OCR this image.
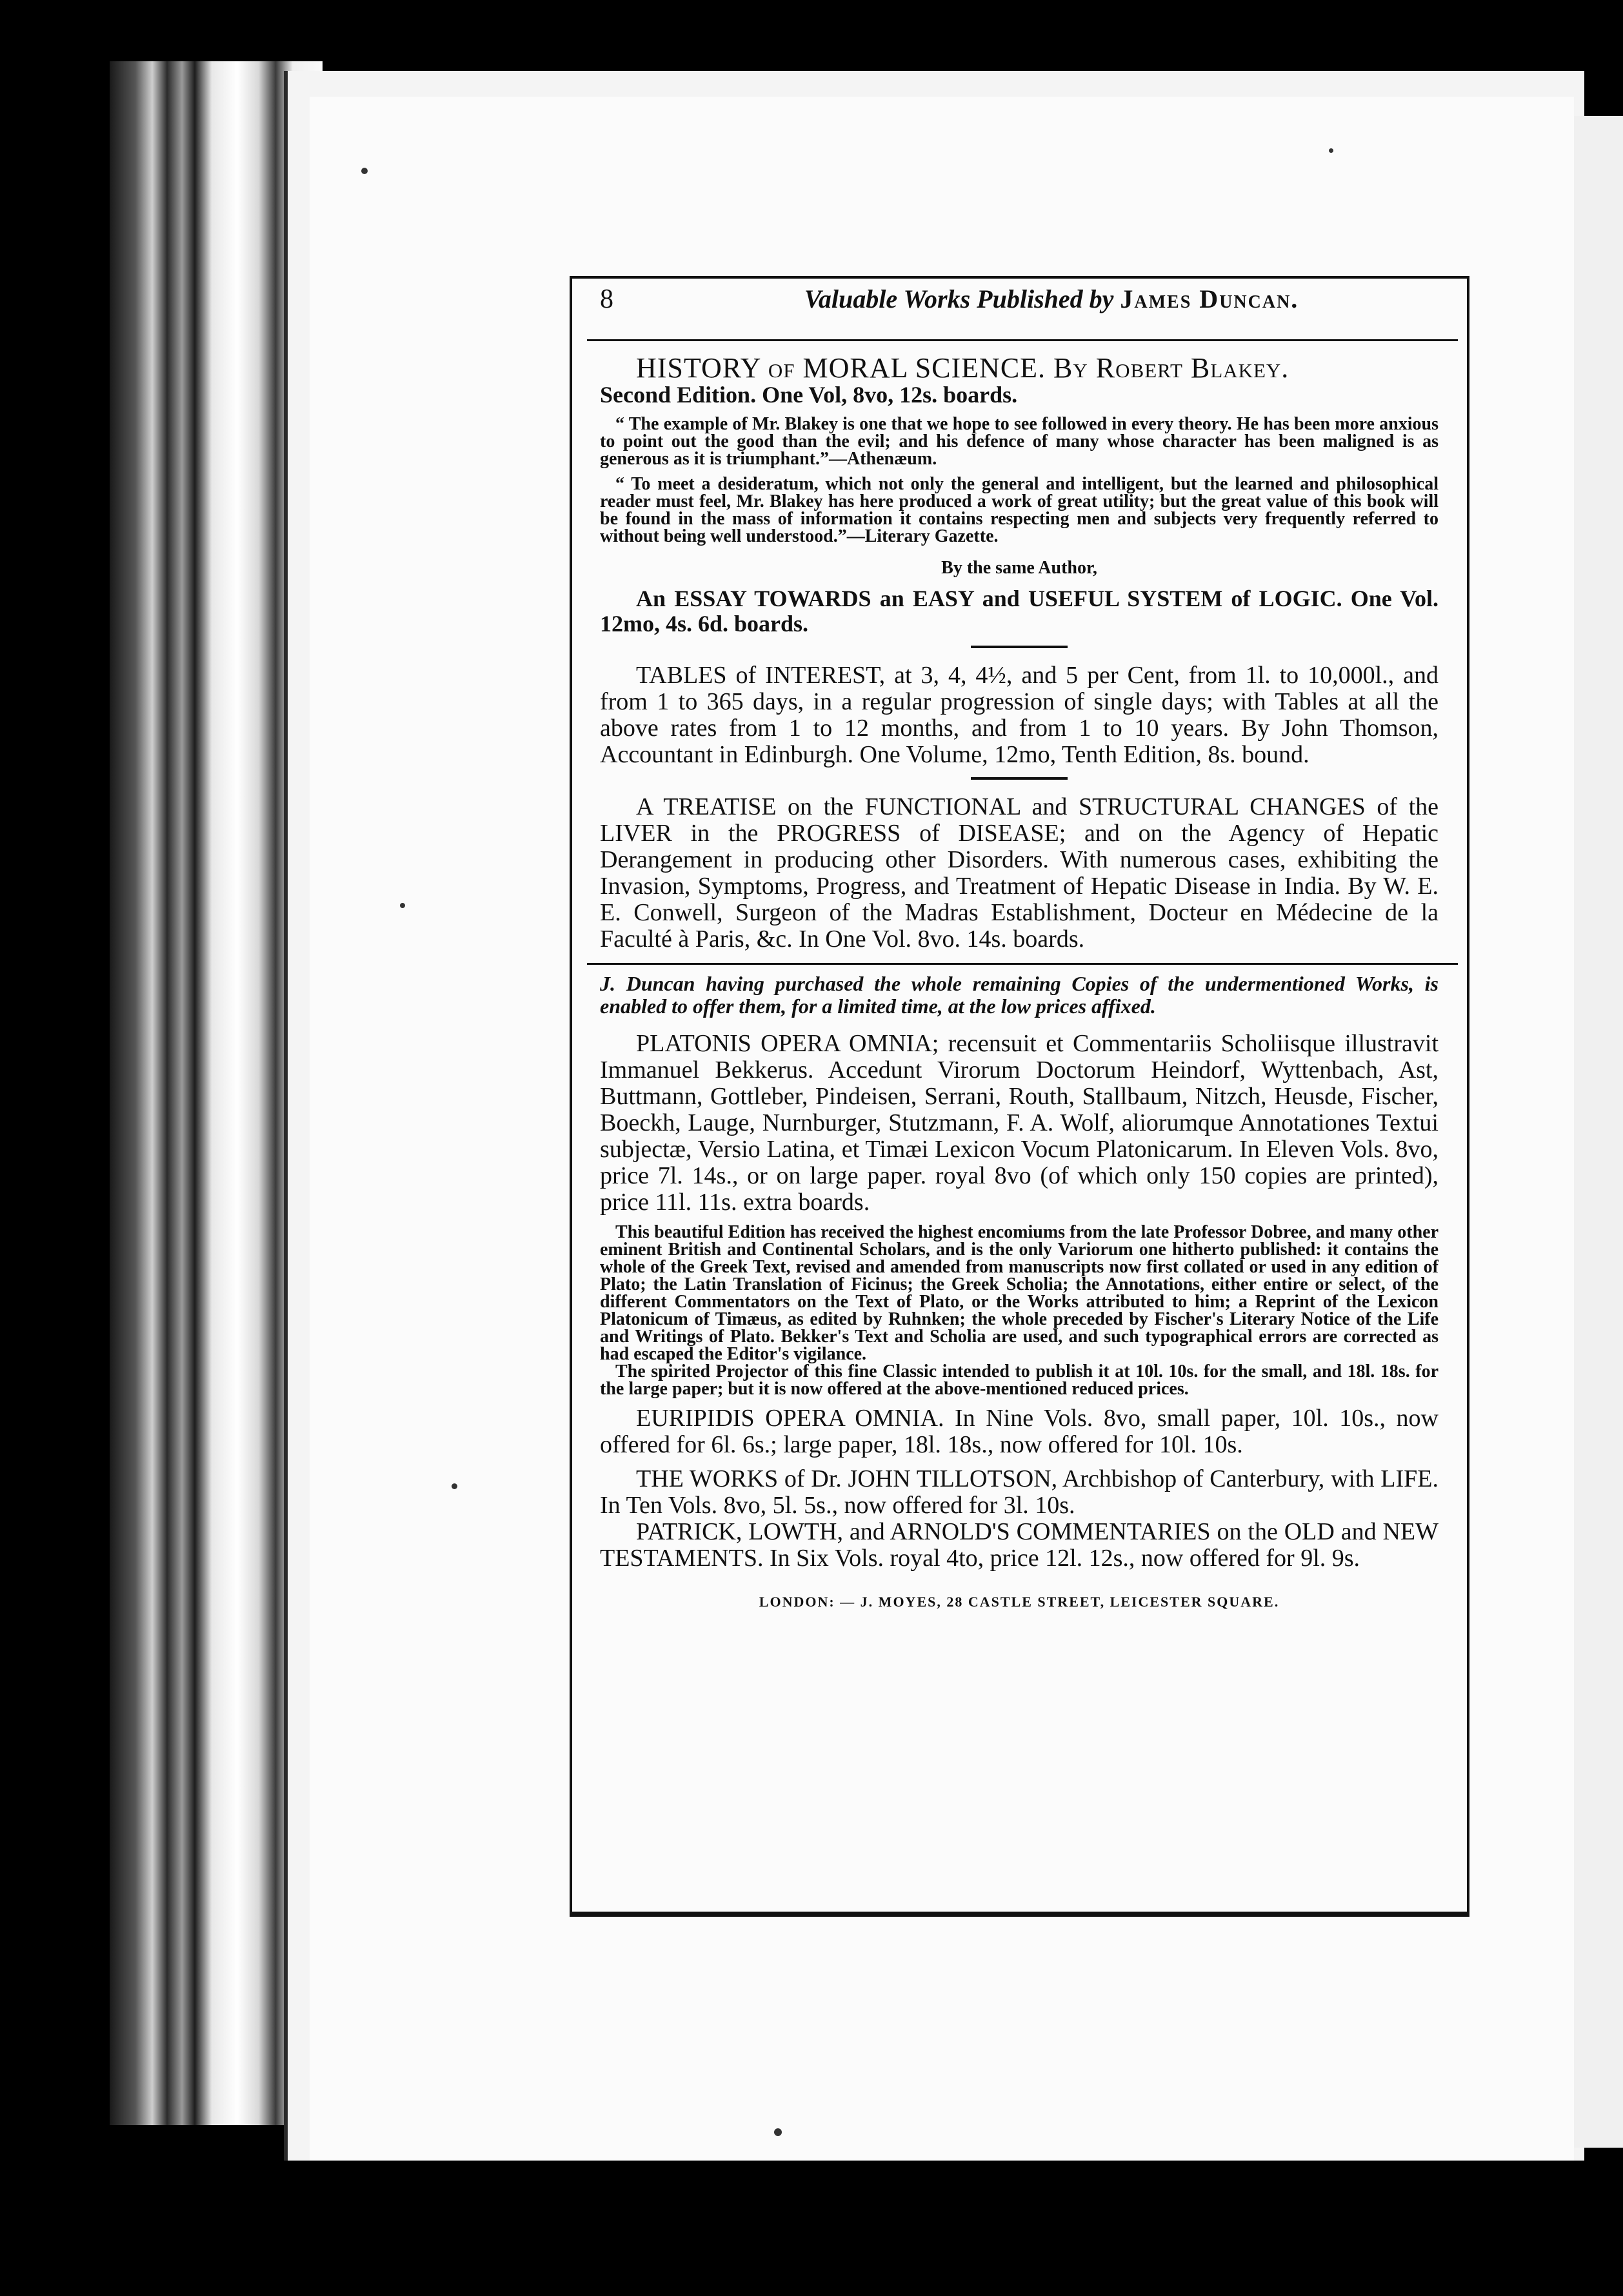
8	Valuable Works Published by James Duncan.

HISTORY of MORAL SCIENCE. By Robert Blakey.

Second Edition. One Vol, 8vo, 12s. boards.

“ The example of Mr. Blakey is one that we hope to see followed in every theory. He has been more anxious to point out the good than the evil; and his defence of many whose character has been maligned is as generous as it is triumphant.”—Athenæum.

“ To meet a desideratum, which not only the general and intelligent, but the learned and philosophical reader must feel, Mr. Blakey has here produced a work of great utility; but the great value of this book will be found in the mass of information it contains respecting men and subjects very frequently referred to without being well understood.”—Literary Gazette.

By the same Author,

An ESSAY TOWARDS an EASY and USEFUL SYSTEM of LOGIC. One Vol. 12mo, 4s. 6d. boards.

TABLES of INTEREST, at 3, 4, 4½, and 5 per Cent, from 1l. to 10,000l., and from 1 to 365 days, in a regular progression of single days; with Tables at all the above rates from 1 to 12 months, and from 1 to 10 years. By John Thomson, Accountant in Edinburgh. One Volume, 12mo, Tenth Edition, 8s. bound.

A TREATISE on the FUNCTIONAL and STRUCTURAL CHANGES of the LIVER in the PROGRESS of DISEASE; and on the Agency of Hepatic Derangement in producing other Disorders. With numerous cases, exhibiting the Invasion, Symptoms, Progress, and Treatment of Hepatic Disease in India. By W. E. E. Conwell, Surgeon of the Madras Establishment, Docteur en Médecine de la Faculté à Paris, &c. In One Vol. 8vo. 14s. boards.

J. Duncan having purchased the whole remaining Copies of the undermentioned Works, is enabled to offer them, for a limited time, at the low prices affixed.

PLATONIS OPERA OMNIA; recensuit et Commentariis Scholiisque illustravit Immanuel Bekkerus. Accedunt Virorum Doctorum Heindorf, Wyttenbach, Ast, Buttmann, Gottleber, Pindeisen, Serrani, Routh, Stallbaum, Nitzch, Heusde, Fischer, Boeckh, Lauge, Nurnburger, Stutzmann, F. A. Wolf, aliorumque Annotationes Textui subjectæ, Versio Latina, et Timæi Lexicon Vocum Platonicarum. In Eleven Vols. 8vo, price 7l. 14s., or on large paper. royal 8vo (of which only 150 copies are printed), price 11l. 11s. extra boards.

This beautiful Edition has received the highest encomiums from the late Professor Dobree, and many other eminent British and Continental Scholars, and is the only Variorum one hitherto published: it contains the whole of the Greek Text, revised and amended from manuscripts now first collated or used in any edition of Plato; the Latin Translation of Ficinus; the Greek Scholia; the Annotations, either entire or select, of the different Commentators on the Text of Plato, or the Works attributed to him; a Reprint of the Lexicon Platonicum of Timæus, as edited by Ruhnken; the whole preceded by Fischer's Literary Notice of the Life and Writings of Plato. Bekker's Text and Scholia are used, and such typographical errors are corrected as had escaped the Editor's vigilance.

The spirited Projector of this fine Classic intended to publish it at 10l. 10s. for the small, and 18l. 18s. for the large paper; but it is now offered at the above-mentioned reduced prices.

EURIPIDIS OPERA OMNIA. In Nine Vols. 8vo, small paper, 10l. 10s., now offered for 6l. 6s.; large paper, 18l. 18s., now offered for 10l. 10s.

THE WORKS of Dr. JOHN TILLOTSON, Archbishop of Canterbury, with LIFE. In Ten Vols. 8vo, 5l. 5s., now offered for 3l. 10s.

PATRICK, LOWTH, and ARNOLD'S COMMENTARIES on the OLD and NEW TESTAMENTS. In Six Vols. royal 4to, price 12l. 12s., now offered for 9l. 9s.

LONDON: — J. MOYES, 28 CASTLE STREET, LEICESTER SQUARE.
